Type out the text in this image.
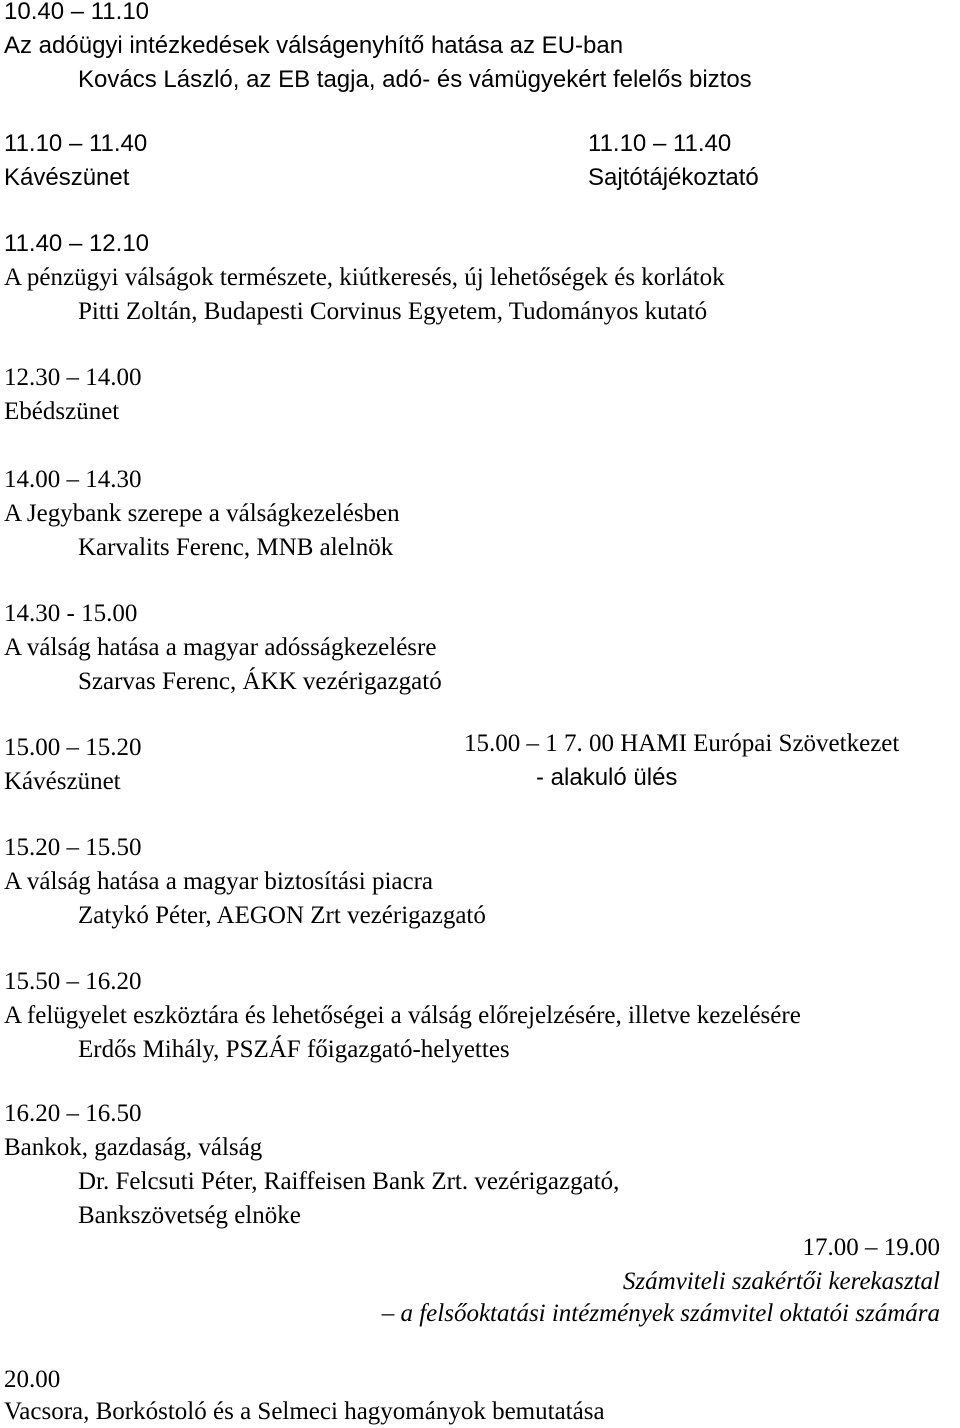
10.40 – 11.10
Az adóügyi intézkedések válságenyhítő hatása az EU-ban
Kovács László, az EB tagja, adó- és vámügyekért felelős biztos
11.10 – 11.40
Kávészünet
11.10 – 11.40
Sajtótájékoztató
11.40 – 12.10
A pénzügyi válságok természete, kiútkeresés, új lehetőségek és korlátok
Pitti Zoltán, Budapesti Corvinus Egyetem, Tudományos kutató
12.30 – 14.00
Ebédszünet
14.00 – 14.30
A Jegybank szerepe a válságkezelésben
Karvalits Ferenc, MNB alelnök
14.30 - 15.00
A válság hatása a magyar adósságkezelésre
Szarvas Ferenc, ÁKK vezérigazgató
15.00 – 15.20
Kávészünet
15.00 – 1 7. 00 HAMI Európai Szövetkezet
- alakuló ülés
15.20 – 15.50
A válság hatása a magyar biztosítási piacra
Zatykó Péter, AEGON Zrt vezérigazgató
15.50 – 16.20
A felügyelet eszköztára és lehetőségei a válság előrejelzésére, illetve kezelésére
Erdős Mihály, PSZÁF főigazgató-helyettes
16.20 – 16.50
Bankok, gazdaság, válság
Dr. Felcsuti Péter, Raiffeisen Bank Zrt. vezérigazgató,
Bankszövetség elnöke
17.00 – 19.00
Számviteli szakértői kerekasztal
– a felsőoktatási intézmények számvitel oktatói számára
20.00
Vacsora, Borkóstoló és a Selmeci hagyományok bemutatása
